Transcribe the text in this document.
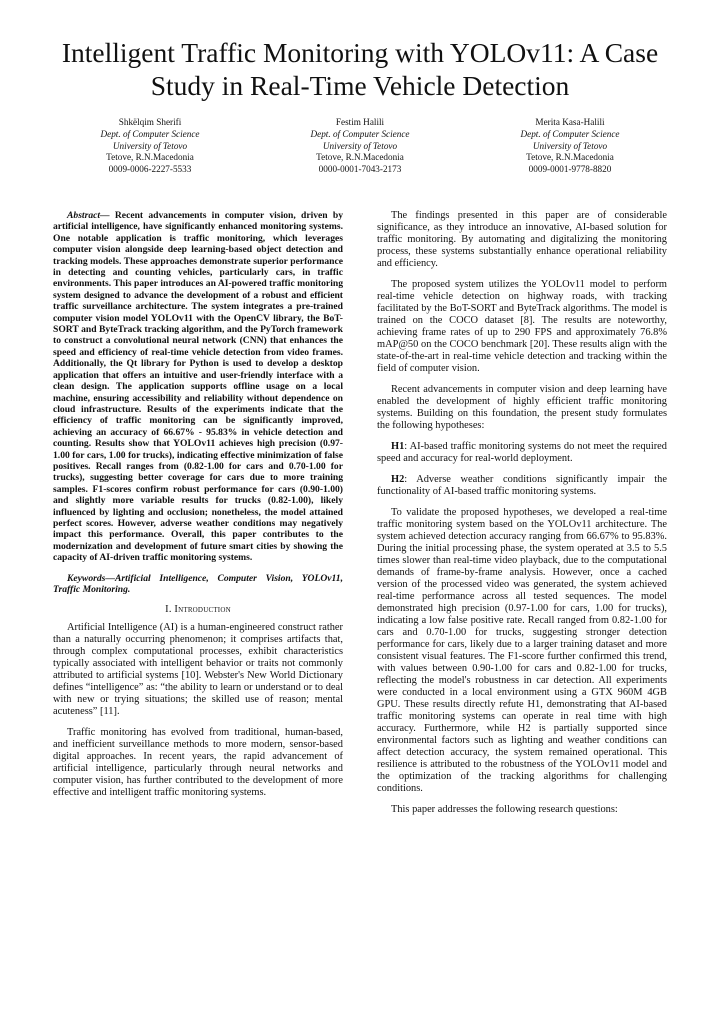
Intelligent Traffic Monitoring with YOLOv11: A Case Study in Real-Time Vehicle Detection
Shkëlqim Sherifi
Dept. of Computer Science
University of Tetovo
Tetove, R.N.Macedonia
0009-0006-2227-5533
Festim Halili
Dept. of Computer Science
University of Tetovo
Tetove, R.N.Macedonia
0000-0001-7043-2173
Merita Kasa-Halili
Dept. of Computer Science
University of Tetovo
Tetove, R.N.Macedonia
0009-0001-9778-8820

Abstract— Recent advancements in computer vision, driven by artificial intelligence, have significantly enhanced monitoring systems. One notable application is traffic monitoring, which leverages computer vision alongside deep learning-based object detection and tracking models. These approaches demonstrate superior performance in detecting and counting vehicles, particularly cars, in traffic environments. This paper introduces an AI-powered traffic monitoring system designed to advance the development of a robust and efficient traffic surveillance architecture. The system integrates a pre-trained computer vision model YOLOv11 with the OpenCV library, the BoT-SORT and ByteTrack tracking algorithm, and the PyTorch framework to construct a convolutional neural network (CNN) that enhances the speed and efficiency of real-time vehicle detection from video frames. Additionally, the Qt library for Python is used to develop a desktop application that offers an intuitive and user-friendly interface with a clean design. The application supports offline usage on a local machine, ensuring accessibility and reliability without dependence on cloud infrastructure. Results of the experiments indicate that the efficiency of traffic monitoring can be significantly improved, achieving an accuracy of 66.67% - 95.83% in vehicle detection and counting. Results show that YOLOv11 achieves high precision (0.97-1.00 for cars, 1.00 for trucks), indicating effective minimization of false positives. Recall ranges from (0.82-1.00 for cars and 0.70-1.00 for trucks), suggesting better coverage for cars due to more training samples. F1-scores confirm robust performance for cars (0.90-1.00) and slightly more variable results for trucks (0.82-1.00), likely influenced by lighting and occlusion; nonetheless, the model attained perfect scores. However, adverse weather conditions may negatively impact this performance. Overall, this paper contributes to the modernization and development of future smart cities by showing the capacity of AI-driven traffic monitoring systems.

Keywords—Artificial Intelligence, Computer Vision, YOLOv11, Traffic Monitoring.

I. Introduction

Artificial Intelligence (AI) is a human-engineered construct rather than a naturally occurring phenomenon; it comprises artifacts that, through complex computational processes, exhibit characteristics typically associated with intelligent behavior or traits not commonly attributed to artificial systems [10]. Webster's New World Dictionary defines “intelligence” as: “the ability to learn or understand or to deal with new or trying situations; the skilled use of reason; mental acuteness” [11].

Traffic monitoring has evolved from traditional, human-based, and inefficient surveillance methods to more modern, sensor-based digital approaches. In recent years, the rapid advancement of artificial intelligence, particularly through neural networks and computer vision, has further contributed to the development of more effective and intelligent traffic monitoring systems.

The findings presented in this paper are of considerable significance, as they introduce an innovative, AI-based solution for traffic monitoring. By automating and digitalizing the monitoring process, these systems substantially enhance operational reliability and efficiency.

The proposed system utilizes the YOLOv11 model to perform real-time vehicle detection on highway roads, with tracking facilitated by the BoT-SORT and ByteTrack algorithms. The model is trained on the COCO dataset [8]. The results are noteworthy, achieving frame rates of up to 290 FPS and approximately 76.8% mAP@50 on the COCO benchmark [20]. These results align with the state-of-the-art in real-time vehicle detection and tracking within the field of computer vision.

Recent advancements in computer vision and deep learning have enabled the development of highly efficient traffic monitoring systems. Building on this foundation, the present study formulates the following hypotheses:

H1: AI-based traffic monitoring systems do not meet the required speed and accuracy for real-world deployment.

H2: Adverse weather conditions significantly impair the functionality of AI-based traffic monitoring systems.

To validate the proposed hypotheses, we developed a real-time traffic monitoring system based on the YOLOv11 architecture. The system achieved detection accuracy ranging from 66.67% to 95.83%. During the initial processing phase, the system operated at 3.5 to 5.5 times slower than real-time video playback, due to the computational demands of frame-by-frame analysis. However, once a cached version of the processed video was generated, the system achieved real-time performance across all tested sequences. The model demonstrated high precision (0.97-1.00 for cars, 1.00 for trucks), indicating a low false positive rate. Recall ranged from 0.82-1.00 for cars and 0.70-1.00 for trucks, suggesting stronger detection performance for cars, likely due to a larger training dataset and more consistent visual features. The F1-score further confirmed this trend, with values between 0.90-1.00 for cars and 0.82-1.00 for trucks, reflecting the model's robustness in car detection. All experiments were conducted in a local environment using a GTX 960M 4GB GPU. These results directly refute H1, demonstrating that AI-based traffic monitoring systems can operate in real time with high accuracy. Furthermore, while H2 is partially supported since environmental factors such as lighting and weather conditions can affect detection accuracy, the system remained operational. This resilience is attributed to the robustness of the YOLOv11 model and the optimization of the tracking algorithms for challenging conditions.

This paper addresses the following research questions:
